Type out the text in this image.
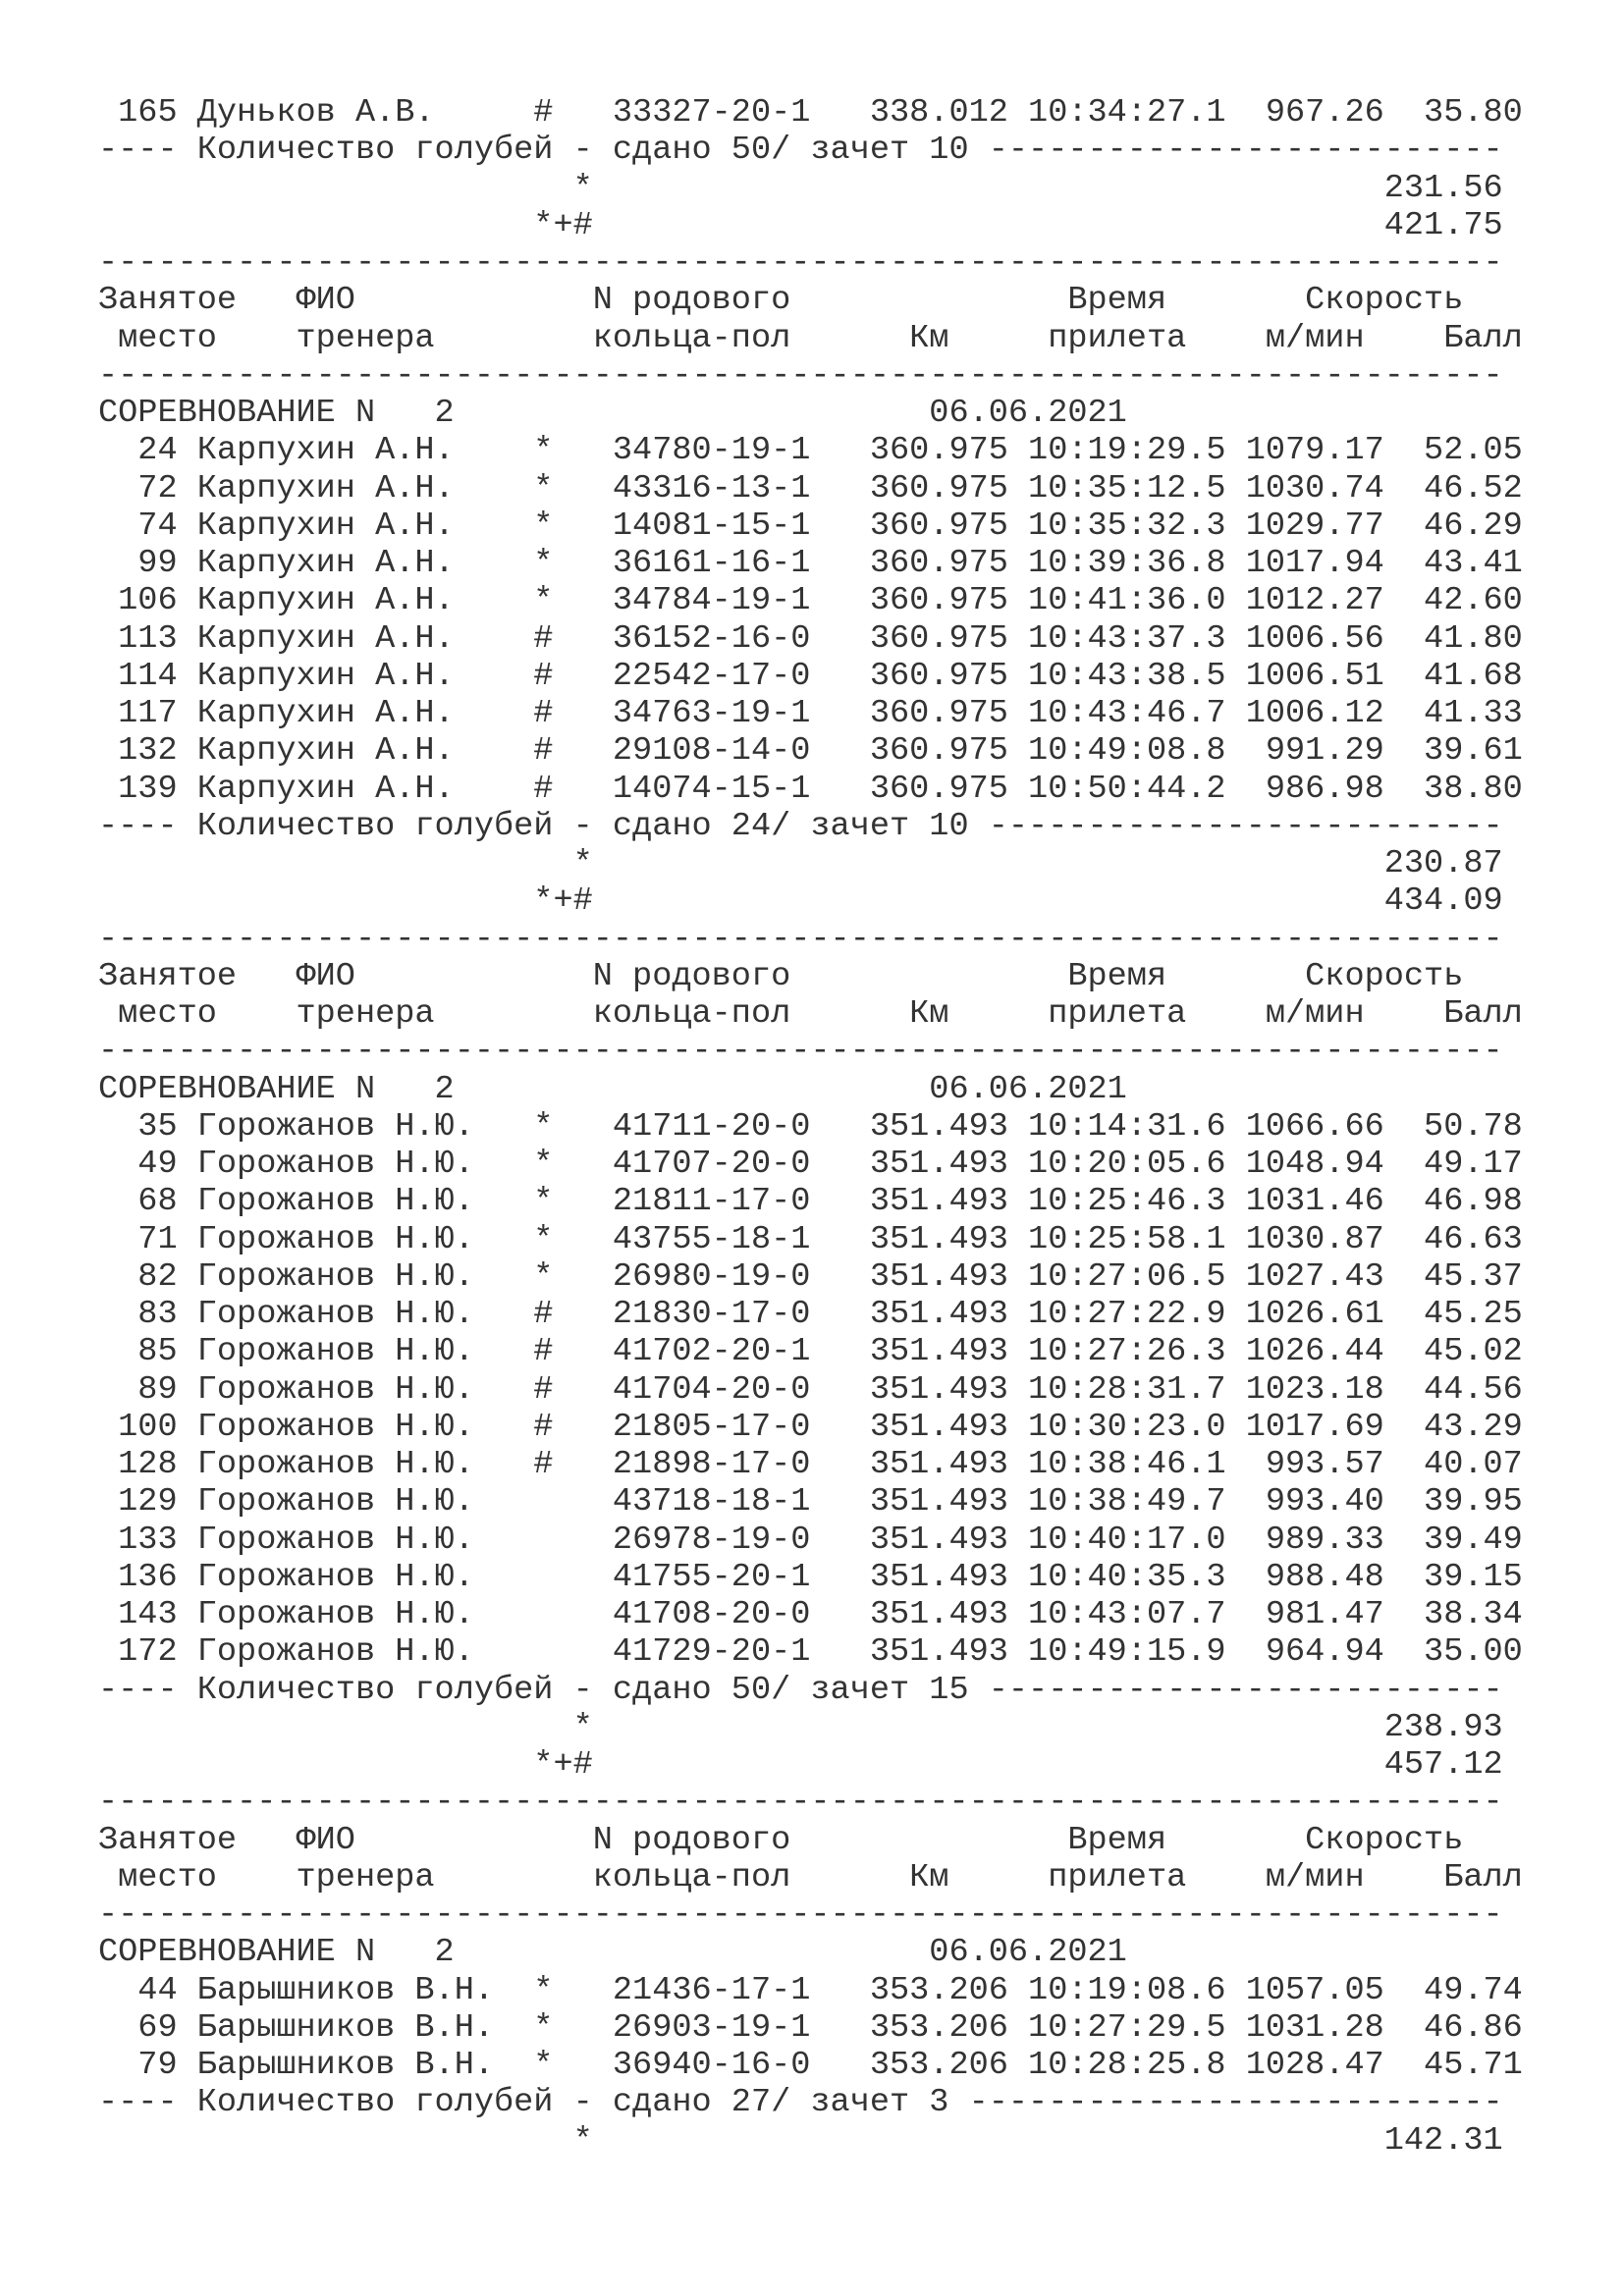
165 Дуньков А.В.     #   33327-20-1   338.012 10:34:27.1  967.26  35.80
---- Количество голубей - сдано 50/ зачет 10 --------------------------
*                                        231.56
*+#                                        421.75
-----------------------------------------------------------------------
Занятое   ФИО            N родового              Время       Скорость
место    тренера        кольца-пол      Км     прилета    м/мин    Балл
-----------------------------------------------------------------------
СОРЕВНОВАНИЕ N   2                        06.06.2021
24 Карпухин А.Н.    *   34780-19-1   360.975 10:19:29.5 1079.17  52.05
72 Карпухин А.Н.    *   43316-13-1   360.975 10:35:12.5 1030.74  46.52
74 Карпухин А.Н.    *   14081-15-1   360.975 10:35:32.3 1029.77  46.29
99 Карпухин А.Н.    *   36161-16-1   360.975 10:39:36.8 1017.94  43.41
106 Карпухин А.Н.    *   34784-19-1   360.975 10:41:36.0 1012.27  42.60
113 Карпухин А.Н.    #   36152-16-0   360.975 10:43:37.3 1006.56  41.80
114 Карпухин А.Н.    #   22542-17-0   360.975 10:43:38.5 1006.51  41.68
117 Карпухин А.Н.    #   34763-19-1   360.975 10:43:46.7 1006.12  41.33
132 Карпухин А.Н.    #   29108-14-0   360.975 10:49:08.8  991.29  39.61
139 Карпухин А.Н.    #   14074-15-1   360.975 10:50:44.2  986.98  38.80
---- Количество голубей - сдано 24/ зачет 10 --------------------------
*                                        230.87
*+#                                        434.09
-----------------------------------------------------------------------
Занятое   ФИО            N родового              Время       Скорость
место    тренера        кольца-пол      Км     прилета    м/мин    Балл
-----------------------------------------------------------------------
СОРЕВНОВАНИЕ N   2                        06.06.2021
35 Горожанов Н.Ю.   *   41711-20-0   351.493 10:14:31.6 1066.66  50.78
49 Горожанов Н.Ю.   *   41707-20-0   351.493 10:20:05.6 1048.94  49.17
68 Горожанов Н.Ю.   *   21811-17-0   351.493 10:25:46.3 1031.46  46.98
71 Горожанов Н.Ю.   *   43755-18-1   351.493 10:25:58.1 1030.87  46.63
82 Горожанов Н.Ю.   *   26980-19-0   351.493 10:27:06.5 1027.43  45.37
83 Горожанов Н.Ю.   #   21830-17-0   351.493 10:27:22.9 1026.61  45.25
85 Горожанов Н.Ю.   #   41702-20-1   351.493 10:27:26.3 1026.44  45.02
89 Горожанов Н.Ю.   #   41704-20-0   351.493 10:28:31.7 1023.18  44.56
100 Горожанов Н.Ю.   #   21805-17-0   351.493 10:30:23.0 1017.69  43.29
128 Горожанов Н.Ю.   #   21898-17-0   351.493 10:38:46.1  993.57  40.07
129 Горожанов Н.Ю.       43718-18-1   351.493 10:38:49.7  993.40  39.95
133 Горожанов Н.Ю.       26978-19-0   351.493 10:40:17.0  989.33  39.49
136 Горожанов Н.Ю.       41755-20-1   351.493 10:40:35.3  988.48  39.15
143 Горожанов Н.Ю.       41708-20-0   351.493 10:43:07.7  981.47  38.34
172 Горожанов Н.Ю.       41729-20-1   351.493 10:49:15.9  964.94  35.00
---- Количество голубей - сдано 50/ зачет 15 --------------------------
*                                        238.93
*+#                                        457.12
-----------------------------------------------------------------------
Занятое   ФИО            N родового              Время       Скорость
место    тренера        кольца-пол      Км     прилета    м/мин    Балл
-----------------------------------------------------------------------
СОРЕВНОВАНИЕ N   2                        06.06.2021
44 Барышников В.Н.  *   21436-17-1   353.206 10:19:08.6 1057.05  49.74
69 Барышников В.Н.  *   26903-19-1   353.206 10:27:29.5 1031.28  46.86
79 Барышников В.Н.  *   36940-16-0   353.206 10:28:25.8 1028.47  45.71
---- Количество голубей - сдано 27/ зачет 3 ---------------------------
*                                        142.31
